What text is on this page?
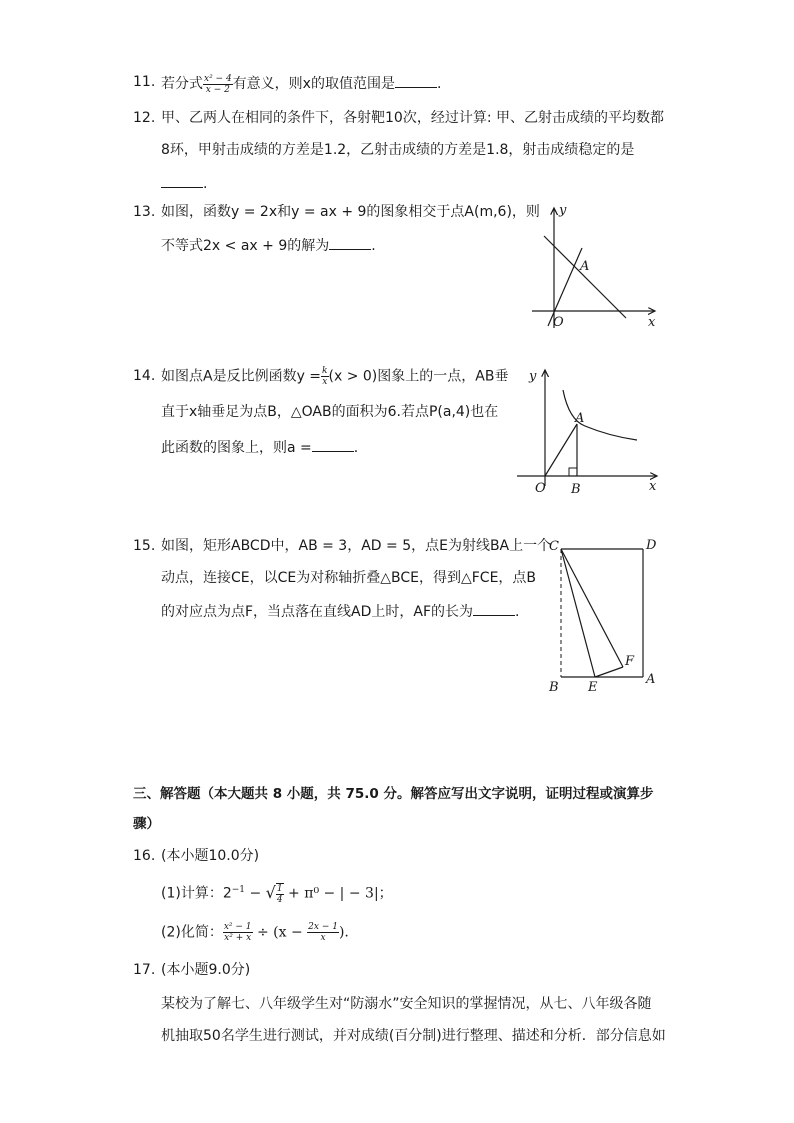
11. 若分式 $\frac{\text{x² − 4}}{x - 2}$ 有意义，则x的取值范围是	.
12. 甲、乙两人在相同的条件下，各射靶10次，经过计算: 甲、乙射击成绩的平均数都
8环，甲射击成绩的方差是1.2，乙射击成绩的方差是1.8，射击成绩稳定的是
.
13. 如图，函数y = 2x和y = ax + 9的图象相交于点A(m,6)，则
不等式2x < ax + 9的解为	.
y
x
A
O
14. 如图点A是反比例函数$y = \frac{k}{x} (x > 0)$图象上的一点，AB垂
直于x轴垂足为点B，△OAB的面积为6.若点P(a,4)也在
此函数的图象上，则a =	.
y
x
A
O B
15. 如图，矩形ABCD中，AB = 3，AD = 5，点E为射线BA上一个
动点，连接CE，以CE为对称轴折叠△BCE，得到△FCE，点B
的对应点为点F，当点落在直线AD上时，AF的长为	.
C	D
B E
A
F
三、解答题（本大题共 8 小题，共 75.0 分。解答应写出文字说明，证明过程或演算步
骤）
16. (本小题10.0分)
(1)计算：$2^{-1}$ − √ $\frac{1}{4} + \pi^0$ − | − 3|；
(2)化简： $\frac{\text{x² − 1}}{\text{x² + x}} \div (x - \frac{2x - 1}{x}$ ).
17. (本小题9.0分)
某校为了解七、八年级学生对“防溺水”安全知识的掌握情况，从七、八年级各随
机抽取50名学生进行测试，并对成绩(百分制)进行整理、描述和分析．部分信息如
